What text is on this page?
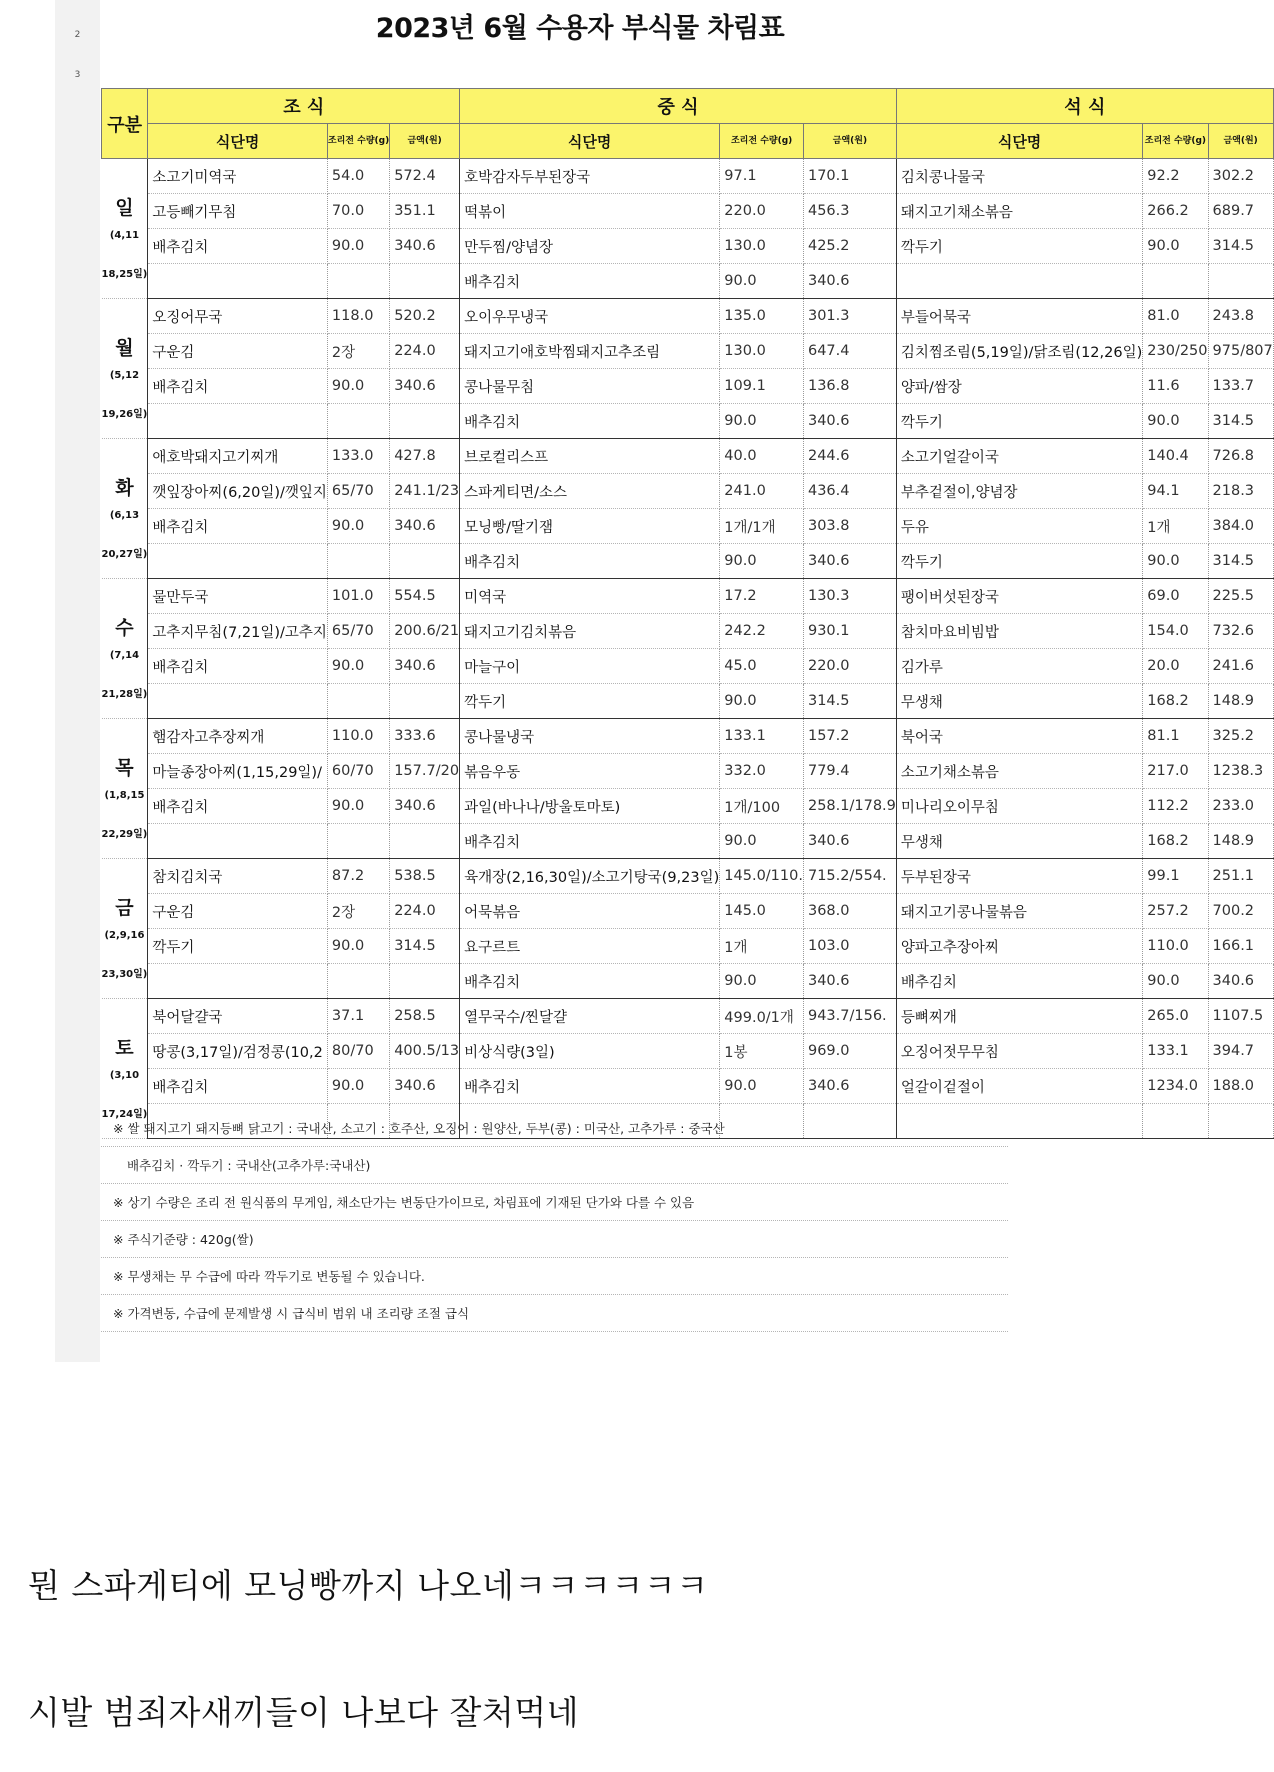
2
3
2023년 6월 수용자 부식물 차림표
구분	조 식			중 식			석 식		
	식단명	조리전 수량(g)	금액(원)	식단명	조리전 수량(g)	금액(원)	식단명	조리전 수량(g)	금액(원)

일
(4,11
18,25일)	소고기미역국	54.0	572.4	호박감자두부된장국	97.1	170.1	김치콩나물국	92.2	302.2
	고등빼기무침	70.0	351.1	떡볶이	220.0	456.3	돼지고기채소볶음	266.2	689.7
	배추김치	90.0	340.6	만두찜/양념장	130.0	425.2	깍두기	90.0	314.5
				배추김치	90.0	340.6			

월
(5,12
19,26일)	오징어무국	118.0	520.2	오이우무냉국	135.0	301.3	부들어묵국	81.0	243.8
	구운김	2장	224.0	돼지고기애호박찜돼지고추조림	130.0	647.4	김치찜조림(5,19일)/닭조림(12,26일)	230/250	975/807
	배추김치	90.0	340.6	콩나물무침	109.1	136.8	양파/쌈장	11.6	133.7
				배추김치	90.0	340.6	깍두기	90.0	314.5

화
(6,13
20,27일)	애호박돼지고기찌개	133.0	427.8	브로컬리스프	40.0	244.6	소고기얼갈이국	140.4	726.8
	깻잎장아찌(6,20일)/깻잎지	65/70	241.1/23	스파게티면/소스	241.0	436.4	부추겉절이,양념장	94.1	218.3
	배추김치	90.0	340.6	모닝빵/딸기잼	1개/1개	303.8	두유	1개	384.0
				배추김치	90.0	340.6	깍두기	90.0	314.5

수
(7,14
21,28일)	물만두국	101.0	554.5	미역국	17.2	130.3	팽이버섯된장국	69.0	225.5
	고추지무침(7,21일)/고추지	65/70	200.6/21	돼지고기김치볶음	242.2	930.1	참치마요비빔밥	154.0	732.6
	배추김치	90.0	340.6	마늘구이	45.0	220.0	김가루	20.0	241.6
				깍두기	90.0	314.5	무생채	168.2	148.9

목
(1,8,15
22,29일)	햄감자고추장찌개	110.0	333.6	콩나물냉국	133.1	157.2	북어국	81.1	325.2
	마늘종장아찌(1,15,29일)/	60/70	157.7/20	볶음우동	332.0	779.4	소고기채소볶음	217.0	1238.3
	배추김치	90.0	340.6	과일(바나나/방울토마토)	1개/100	258.1/178.9	미나리오이무침	112.2	233.0
				배추김치	90.0	340.6	무생채	168.2	148.9

금
(2,9,16
23,30일)	참치김치국	87.2	538.5	육개장(2,16,30일)/소고기탕국(9,23일)	145.0/110.	715.2/554.	두부된장국	99.1	251.1
	구운김	2장	224.0	어묵볶음	145.0	368.0	돼지고기콩나물볶음	257.2	700.2
	깍두기	90.0	314.5	요구르트	1개	103.0	양파고추장아찌	110.0	166.1
				배추김치	90.0	340.6	배추김치	90.0	340.6

토
(3,10
17,24일)	북어달걀국	37.1	258.5	열무국수/찐달걀	499.0/1개	943.7/156.	등뼈찌개	265.0	1107.5
	땅콩(3,17일)/검정콩(10,2	80/70	400.5/13	비상식량(3일)	1봉	969.0	오징어젓무무침	133.1	394.7
	배추김치	90.0	340.6	배추김치	90.0	340.6	얼갈이겉절이	1234.0	188.0

※ 쌀 돼지고기 돼지등뼈 닭고기 : 국내산, 소고기 : 호주산, 오징어 : 원양산, 두부(콩) : 미국산, 고추가루 : 중국산
배추김치 · 깍두기 : 국내산(고추가루:국내산)
※ 상기 수량은 조리 전 원식품의 무게임, 채소단가는 변동단가이므로, 차림표에 기재된 단가와 다를 수 있음
※ 주식기준량 : 420g(쌀)
※ 무생채는 무 수급에 따라 깍두기로 변동될 수 있습니다.
※ 가격변동, 수급에 문제발생 시 급식비 범위 내 조리량 조절 급식
뭔 스파게티에 모닝빵까지 나오네ㅋㅋㅋㅋㅋㅋ
시발 범죄자새끼들이 나보다 잘처먹네
